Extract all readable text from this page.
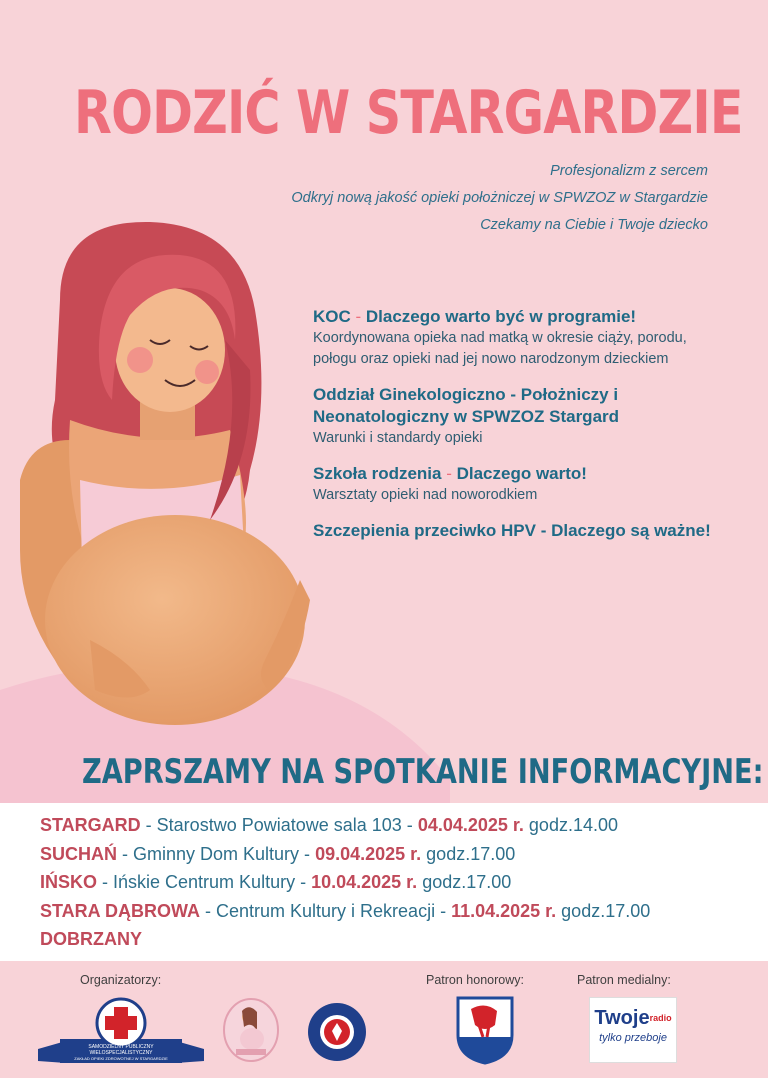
RODZIĆ W STARGARDZIE
Profesjonalizm z sercem
Odkryj nową jakość opieki położniczej w SPWZOZ w Stargardzie
Czekamy na Ciebie i Twoje dziecko
KOC - Dlaczego warto być w programie!
Koordynowana opieka nad matką w okresie ciąży, porodu, połogu oraz opieki nad jej nowo narodzonym dzieckiem
Oddział Ginekologiczno - Położniczy i Neonatologiczny w SPWZOZ Stargard
Warunki i standardy opieki
Szkoła rodzenia - Dlaczego warto!
Warsztaty opieki nad noworodkiem
Szczepienia przeciwko HPV - Dlaczego są ważne!
ZAPRSZAMY NA SPOTKANIE INFORMACYJNE:
STARGARD - Starostwo Powiatowe sala 103 - 04.04.2025 r. godz.14.00
SUCHAŃ - Gminny Dom Kultury - 09.04.2025 r. godz.17.00
IŃSKO - Ińskie Centrum Kultury - 10.04.2025 r. godz.17.00
STARA DĄBROWA - Centrum Kultury i Rekreacji - 11.04.2025 r. godz.17.00
DOBRZANY
Organizatorzy:	Patron honorowy:	Patron medialny:
SAMODZIELNY PUBLICZNY
WIELOSPECJALISTYCZNY
ZAKŁAD OPIEKI ZDROWOTNEJ W STARGARDZIE
Twoje$^{radio}$
tylko przeboje
